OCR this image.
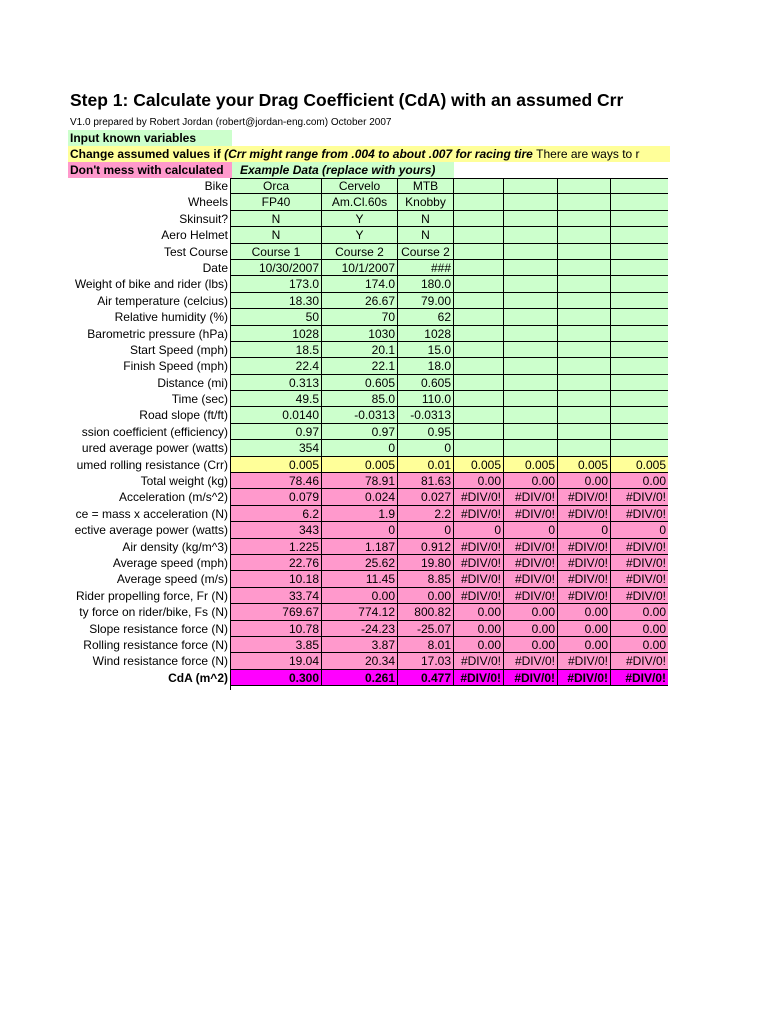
Step 1: Calculate your Drag Coefficient (CdA) with an assumed Crr
V1.0 prepared by Robert Jordan (robert@jordan-eng.com) October 2007
Input known variables
Change assumed values if (Crr might range from .004 to about .007 for racing tire There are ways to r
Don't mess with calculated	Example Data (replace with yours)
Bike	Orca	Cervelo	MTB
Wheels	FP40	Am.Cl.60s	Knobby
Skinsuit?	N	Y	N
Aero Helmet	N	Y	N
Test Course	Course 1	Course 2	Course 2
Date	10/30/2007	10/1/2007	###
Weight of bike and rider (lbs)	173.0	174.0	180.0
Air temperature (celcius)	18.30	26.67	79.00
Relative humidity (%)	50	70	62
Barometric pressure (hPa)	1028	1030	1028
Start Speed (mph)	18.5	20.1	15.0
Finish Speed (mph)	22.4	22.1	18.0
Distance (mi)	0.313	0.605	0.605
Time (sec)	49.5	85.0	110.0
Road slope (ft/ft)	0.0140	-0.0313	-0.0313
ssion coefficient (efficiency)	0.97	0.97	0.95
ured average power (watts)	354	0	0
umed rolling resistance (Crr)	0.005	0.005	0.01	0.005	0.005	0.005	0.005
Total weight (kg)	78.46	78.91	81.63	0.00	0.00	0.00	0.00
Acceleration (m/s^2)	0.079	0.024	0.027 #DIV/0!	#DIV/0!	#DIV/0!	#DIV/0!
ce = mass x acceleration (N)	6.2	1.9	2.2 #DIV/0!	#DIV/0!	#DIV/0!	#DIV/0!
ective average power (watts)	343	0	0	0	0	0	0
Air density (kg/m^3)	1.225	1.187	0.912 #DIV/0!	#DIV/0!	#DIV/0!	#DIV/0!
Average speed (mph)	22.76	25.62	19.80 #DIV/0!	#DIV/0!	#DIV/0!	#DIV/0!
Average speed (m/s)	10.18	11.45	8.85 #DIV/0!	#DIV/0!	#DIV/0!	#DIV/0!
Rider propelling force, Fr (N)	33.74	0.00	0.00 #DIV/0!	#DIV/0!	#DIV/0!	#DIV/0!
ty force on rider/bike, Fs (N)	769.67	774.12	800.82	0.00	0.00	0.00	0.00
Slope resistance force (N)	10.78	-24.23	-25.07	0.00	0.00	0.00	0.00
Rolling resistance force (N)	3.85	3.87	8.01	0.00	0.00	0.00	0.00
Wind resistance force (N)	19.04	20.34	17.03 #DIV/0!	#DIV/0!	#DIV/0!	#DIV/0!
CdA (m^2)	0.300	0.261	0.477 #DIV/0!	#DIV/0!	#DIV/0!	#DIV/0!
